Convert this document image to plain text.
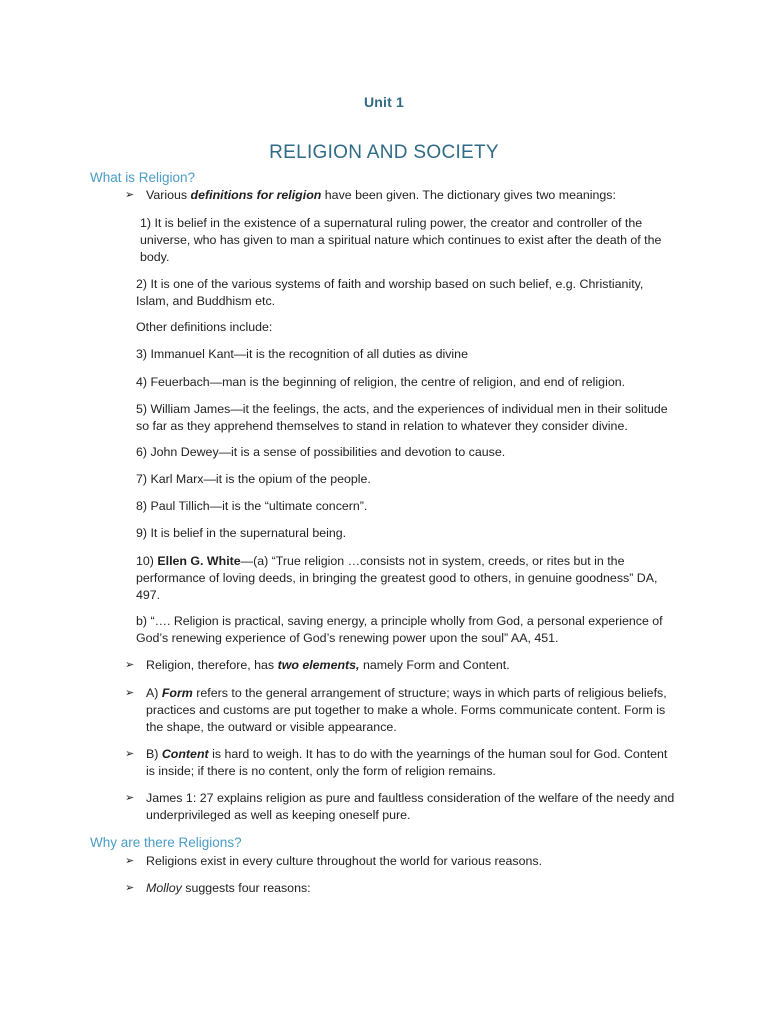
Unit 1
RELIGION AND SOCIETY
What is Religion?
➢ Various definitions for religion have been given. The dictionary gives two meanings:

1) It is belief in the existence of a supernatural ruling power, the creator and controller of the universe, who has given to man a spiritual nature which continues to exist after the death of the body.

2) It is one of the various systems of faith and worship based on such belief, e.g. Christianity, Islam, and Buddhism etc.

Other definitions include:

3) Immanuel Kant—it is the recognition of all duties as divine

4) Feuerbach—man is the beginning of religion, the centre of religion, and end of religion.

5) William James—it the feelings, the acts, and the experiences of individual men in their solitude so far as they apprehend themselves to stand in relation to whatever they consider divine.

6) John Dewey—it is a sense of possibilities and devotion to cause.

7) Karl Marx—it is the opium of the people.

8) Paul Tillich—it is the “ultimate concern”.

9) It is belief in the supernatural being.

10) Ellen G. White—(a) “True religion …consists not in system, creeds, or rites but in the performance of loving deeds, in bringing the greatest good to others, in genuine goodness” DA, 497.

b) “…. Religion is practical, saving energy, a principle wholly from God, a personal experience of God’s renewing experience of God’s renewing power upon the soul” AA, 451.

➢ Religion, therefore, has two elements, namely Form and Content.

➢ A) Form refers to the general arrangement of structure; ways in which parts of religious beliefs, practices and customs are put together to make a whole. Forms communicate content. Form is the shape, the outward or visible appearance.

➢ B) Content is hard to weigh. It has to do with the yearnings of the human soul for God. Content is inside; if there is no content, only the form of religion remains.

➢ James 1: 27 explains religion as pure and faultless consideration of the welfare of the needy and underprivileged as well as keeping oneself pure.

Why are there Religions?
➢ Religions exist in every culture throughout the world for various reasons.

➢ Molloy suggests four reasons:
